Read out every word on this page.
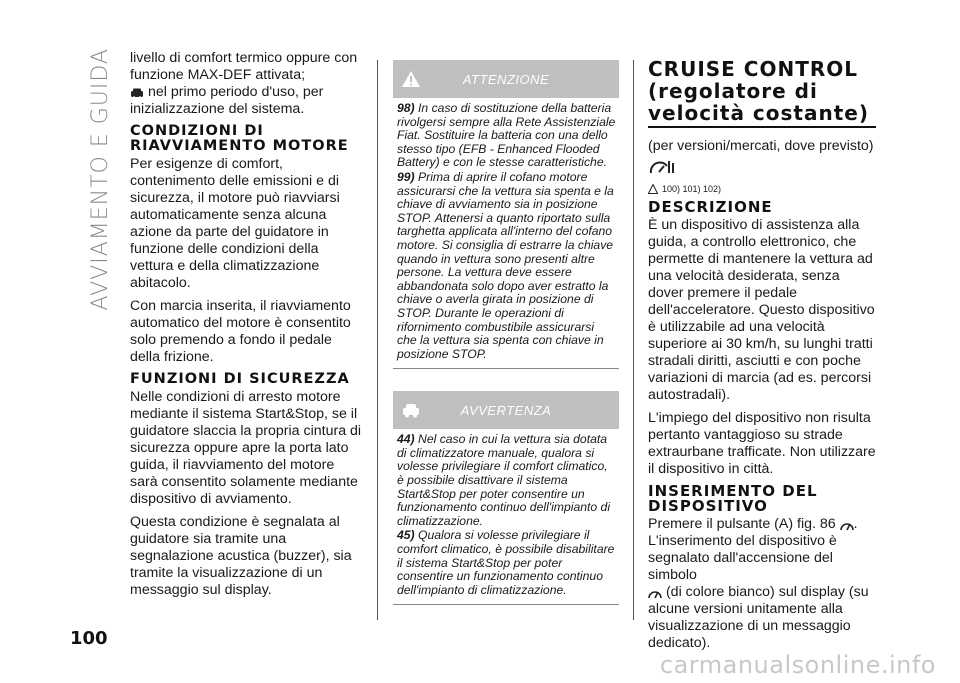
AVVIAMENTO E GUIDA livello di comfort termico oppure con funzione MAX-DEF attivata;

nel primo periodo d'uso, per inizializzazione del sistema.

CONDIZIONI DI RIAVVIAMENTO MOTORE

Per esigenze di comfort, contenimento delle emissioni e di sicurezza, il motore può riavviarsi automaticamente senza alcuna azione da parte del guidatore in funzione delle condizioni della vettura e della climatizzazione abitacolo.

Con marcia inserita, il riavviamento automatico del motore è consentito solo premendo a fondo il pedale della frizione.

FUNZIONI DI SICUREZZA

Nelle condizioni di arresto motore mediante il sistema Start&Stop, se il guidatore slaccia la propria cintura di sicurezza oppure apre la porta lato guida, il riavviamento del motore sarà consentito solamente mediante dispositivo di avviamento.

Questa condizione è segnalata al guidatore sia tramite una segnalazione acustica (buzzer), sia tramite la visualizzazione di un messaggio sul display.

ATTENZIONE

98) In caso di sostituzione della batteria rivolgersi sempre alla Rete Assistenziale Fiat. Sostituire la batteria con una dello stesso tipo (EFB - Enhanced Flooded Battery) e con le stesse caratteristiche.

99) Prima di aprire il cofano motore assicurarsi che la vettura sia spenta e la chiave di avviamento sia in posizione STOP. Attenersi a quanto riportato sulla targhetta applicata all'interno del cofano motore. Si consiglia di estrarre la chiave quando in vettura sono presenti altre persone. La vettura deve essere abbandonata solo dopo aver estratto la chiave o averla girata in posizione di STOP. Durante le operazioni di rifornimento combustibile assicurarsi che la vettura sia spenta con chiave in posizione STOP.

AVVERTENZA

44) Nel caso in cui la vettura sia dotata di climatizzatore manuale, qualora si volesse privilegiare il comfort climatico, è possibile disattivare il sistema Start&Stop per poter consentire un funzionamento continuo dell'impianto di climatizzazione.

45) Qualora si volesse privilegiare il comfort climatico, è possibile disabilitare il sistema Start&Stop per poter consentire un funzionamento continuo dell'impianto di climatizzazione.

CRUISE CONTROL (regolatore di velocità costante)

(per versioni/mercati, dove previsto)

100) 101) 102)
DESCRIZIONE

È un dispositivo di assistenza alla guida, a controllo elettronico, che permette di mantenere la vettura ad una velocità desiderata, senza dover premere il pedale dell'acceleratore. Questo dispositivo è utilizzabile ad una velocità superiore ai 30 km/h, su lunghi tratti stradali diritti, asciutti e con poche variazioni di marcia (ad es. percorsi autostradali).

L'impiego del dispositivo non risulta pertanto vantaggioso su strade extraurbane trafficate. Non utilizzare il dispositivo in città.

INSERIMENTO DEL DISPOSITIVO

Premere il pulsante (A) fig. 86 .

L'inserimento del dispositivo è segnalato dall'accensione del simbolo
(di colore bianco) sul display (su alcune versioni unitamente alla visualizzazione di un messaggio dedicato).

100
carmanualsonline.info
